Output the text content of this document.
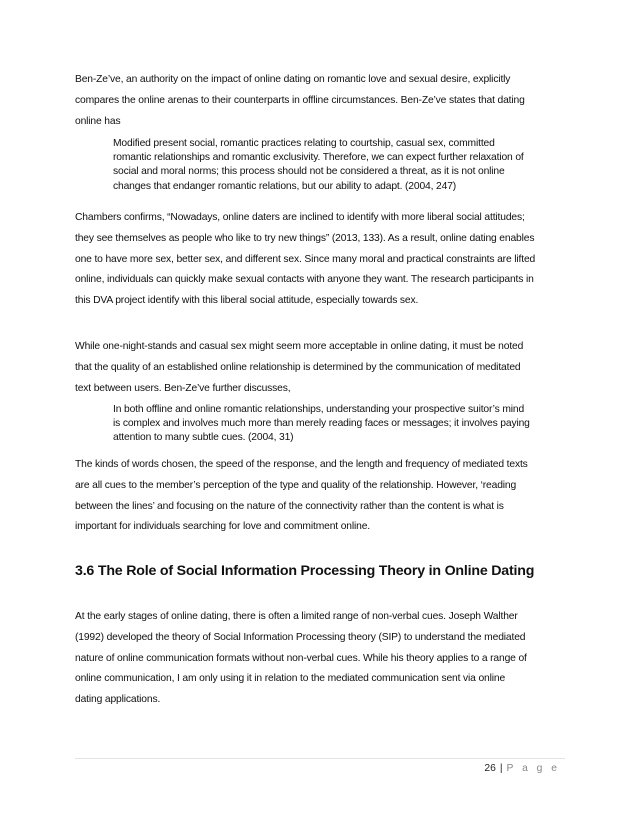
Ben-Ze’ve, an authority on the impact of online dating on romantic love and sexual desire, explicitly
compares the online arenas to their counterparts in offline circumstances. Ben-Ze’ve states that dating
online has

Modified present social, romantic practices relating to courtship, casual sex, committed
romantic relationships and romantic exclusivity. Therefore, we can expect further relaxation of
social and moral norms; this process should not be considered a threat, as it is not online
changes that endanger romantic relations, but our ability to adapt. (2004, 247)

Chambers confirms, “Nowadays, online daters are inclined to identify with more liberal social attitudes;
they see themselves as people who like to try new things” (2013, 133). As a result, online dating enables
one to have more sex, better sex, and different sex. Since many moral and practical constraints are lifted
online, individuals can quickly make sexual contacts with anyone they want. The research participants in
this DVA project identify with this liberal social attitude, especially towards sex.

While one-night-stands and casual sex might seem more acceptable in online dating, it must be noted
that the quality of an established online relationship is determined by the communication of meditated
text between users. Ben-Ze’ve further discusses,

In both offline and online romantic relationships, understanding your prospective suitor’s mind
is complex and involves much more than merely reading faces or messages; it involves paying
attention to many subtle cues. (2004, 31)

The kinds of words chosen, the speed of the response, and the length and frequency of mediated texts
are all cues to the member’s perception of the type and quality of the relationship. However, ‘reading
between the lines’ and focusing on the nature of the connectivity rather than the content is what is
important for individuals searching for love and commitment online.

3.6 The Role of Social Information Processing Theory in Online Dating

At the early stages of online dating, there is often a limited range of non-verbal cues. Joseph Walther
(1992) developed the theory of Social Information Processing theory (SIP) to understand the mediated
nature of online communication formats without non-verbal cues. While his theory applies to a range of
online communication, I am only using it in relation to the mediated communication sent via online
dating applications.

26 | P a g e
